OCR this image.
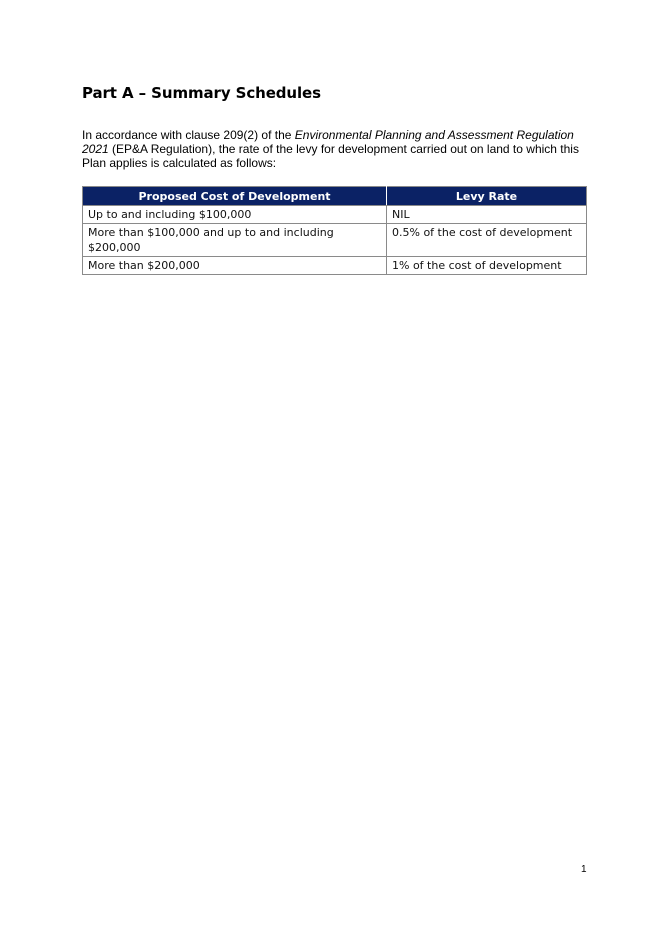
Part A – Summary Schedules

In accordance with clause 209(2) of the Environmental Planning and Assessment Regulation 2021 (EP&A Regulation), the rate of the levy for development carried out on land to which this Plan applies is calculated as follows:

Proposed Cost of Development	Levy Rate
Up to and including $100,000	NIL
More than $100,000 and up to and including $200,000	0.5% of the cost of development
More than $200,000	1% of the cost of development

1
